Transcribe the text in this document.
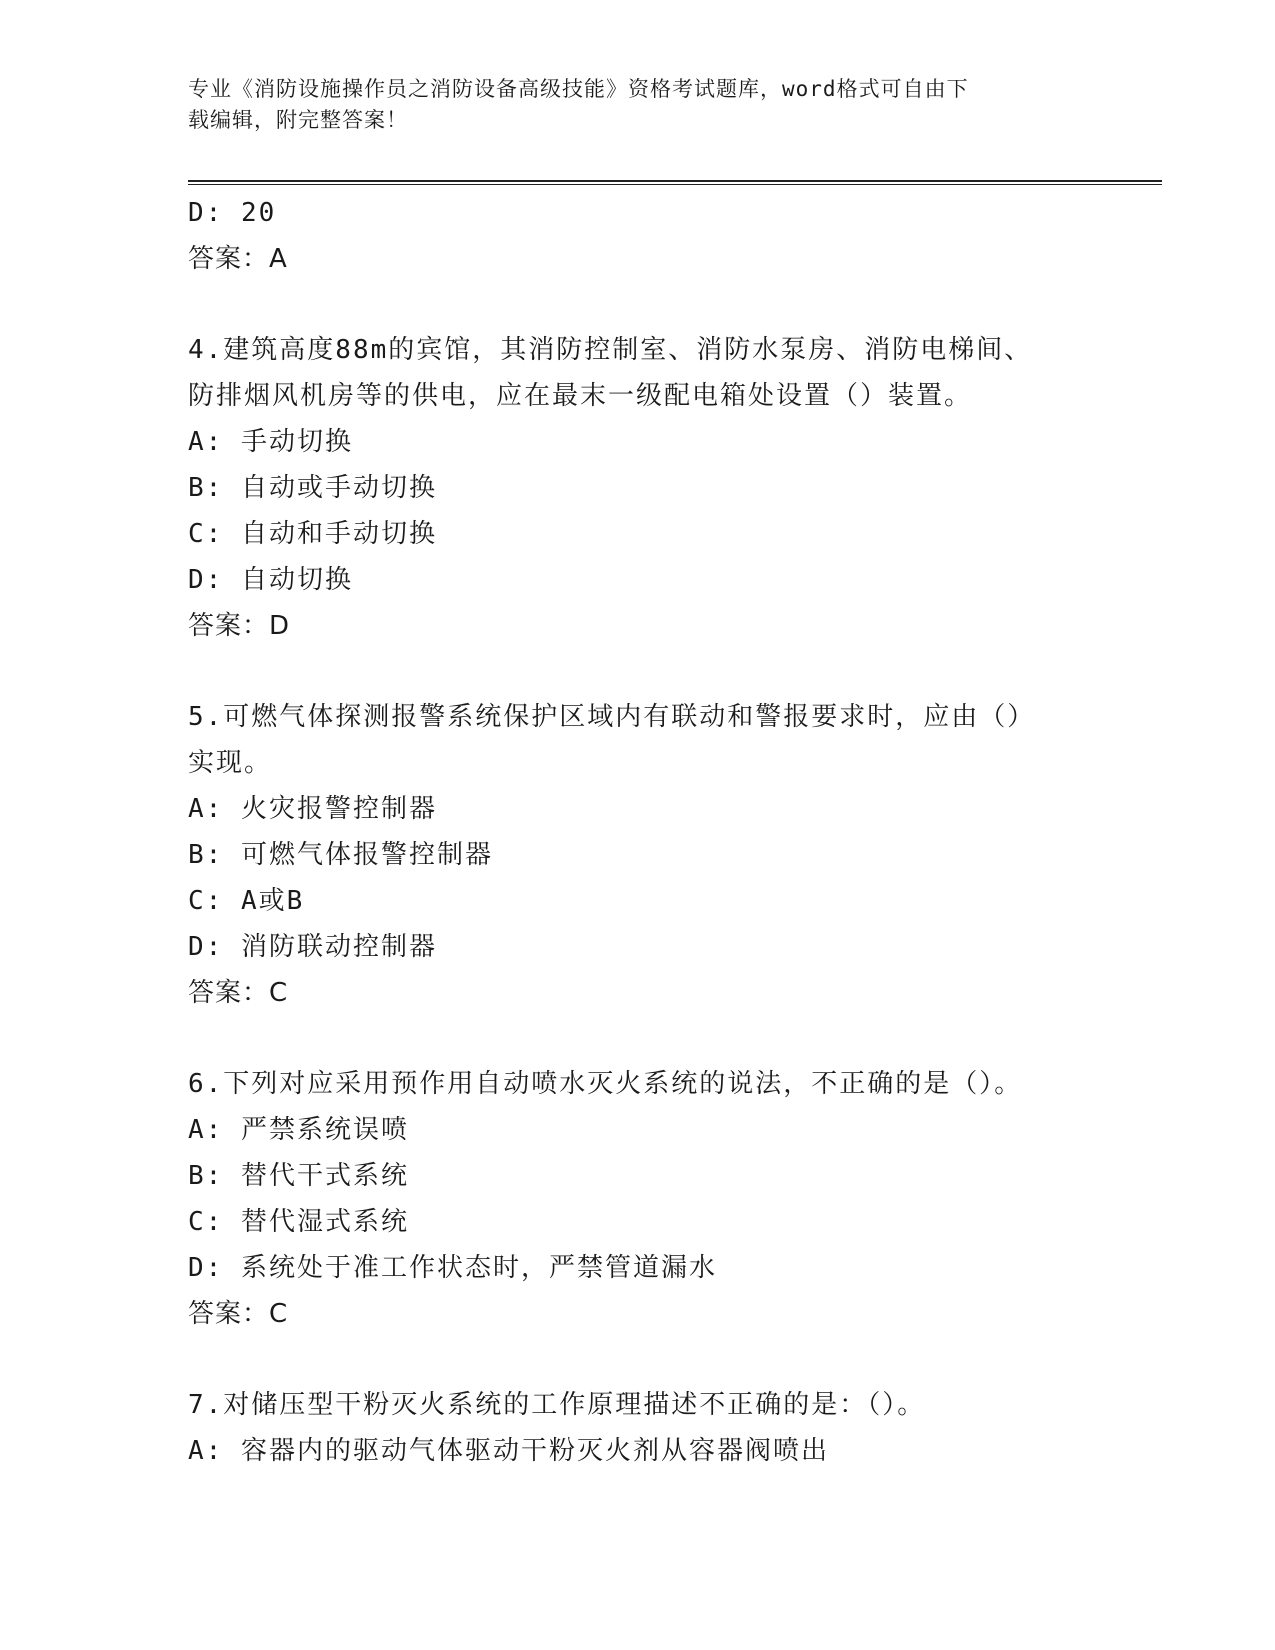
专业《消防设施操作员之消防设备高级技能》资格考试题库，word格式可自由下
载编辑，附完整答案！
D: 20
答案：A
4.建筑高度88m的宾馆，其消防控制室、消防水泵房、消防电梯间、
防排烟风机房等的供电，应在最末一级配电箱处设置（）装置。
A: 手动切换
B: 自动或手动切换
C: 自动和手动切换
D: 自动切换
答案：D
5.可燃气体探测报警系统保护区域内有联动和警报要求时，应由（）
实现。
A: 火灾报警控制器
B: 可燃气体报警控制器
C: A或B
D: 消防联动控制器
答案：C
6.下列对应采用预作用自动喷水灭火系统的说法，不正确的是（）。
A: 严禁系统误喷
B: 替代干式系统
C: 替代湿式系统
D: 系统处于准工作状态时，严禁管道漏水
答案：C
7.对储压型干粉灭火系统的工作原理描述不正确的是：（）。
A: 容器内的驱动气体驱动干粉灭火剂从容器阀喷出
